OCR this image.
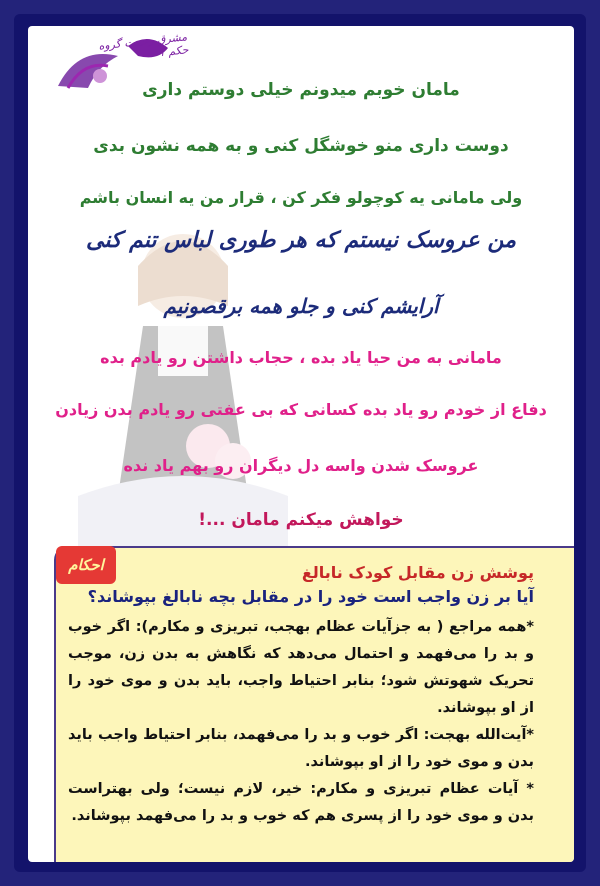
مشرق رحمت گروه حكم ۱
مامان خوبم میدونم خیلی دوستم داری
دوست داری منو خوشگل کنی و به همه نشون بدی
ولی مامانی یه کوچولو فکر کن ، قرار من یه انسان باشم
من عروسک نیستم که هر طوری لباس تنم کنی
آرایشم کنی و جلو همه برقصونیم
مامانی به من حیا یاد بده ، حجاب داشتن رو یادم بده
دفاع از خودم رو یاد بده کسانی که بی عفتی رو یادم بدن زیادن
عروسک شدن واسه دل دیگران رو بهم یاد نده
خواهش میکنم مامان ...!
احکام	پوشش زن مقابل کودک نابالغ
آیا بر زن واجب است خود را در مقابل بچه نابالغ بپوشاند؟

*همه مراجع ( به جزآیات عظام بهجب، تبریزی و مکارم): اگر خوب و بد را می‌فهمد و احتمال می‌دهد که نگاهش به بدن زن، موجب تحریک شهوتش شود؛ بنابر احتیاط واجب، باید بدن و موی خود را از او بپوشاند.

*آیت‌الله بهجت: اگر خوب و بد را می‌فهمد، بنابر احتیاط واجب باید بدن و موی خود را از او بپوشاند.

* آیات عظام تبریزی و مکارم: خیر، لازم نیست؛ ولی بهتراست بدن و موی خود را از پسری هم که خوب و بد را می‌فهمد بپوشاند.
